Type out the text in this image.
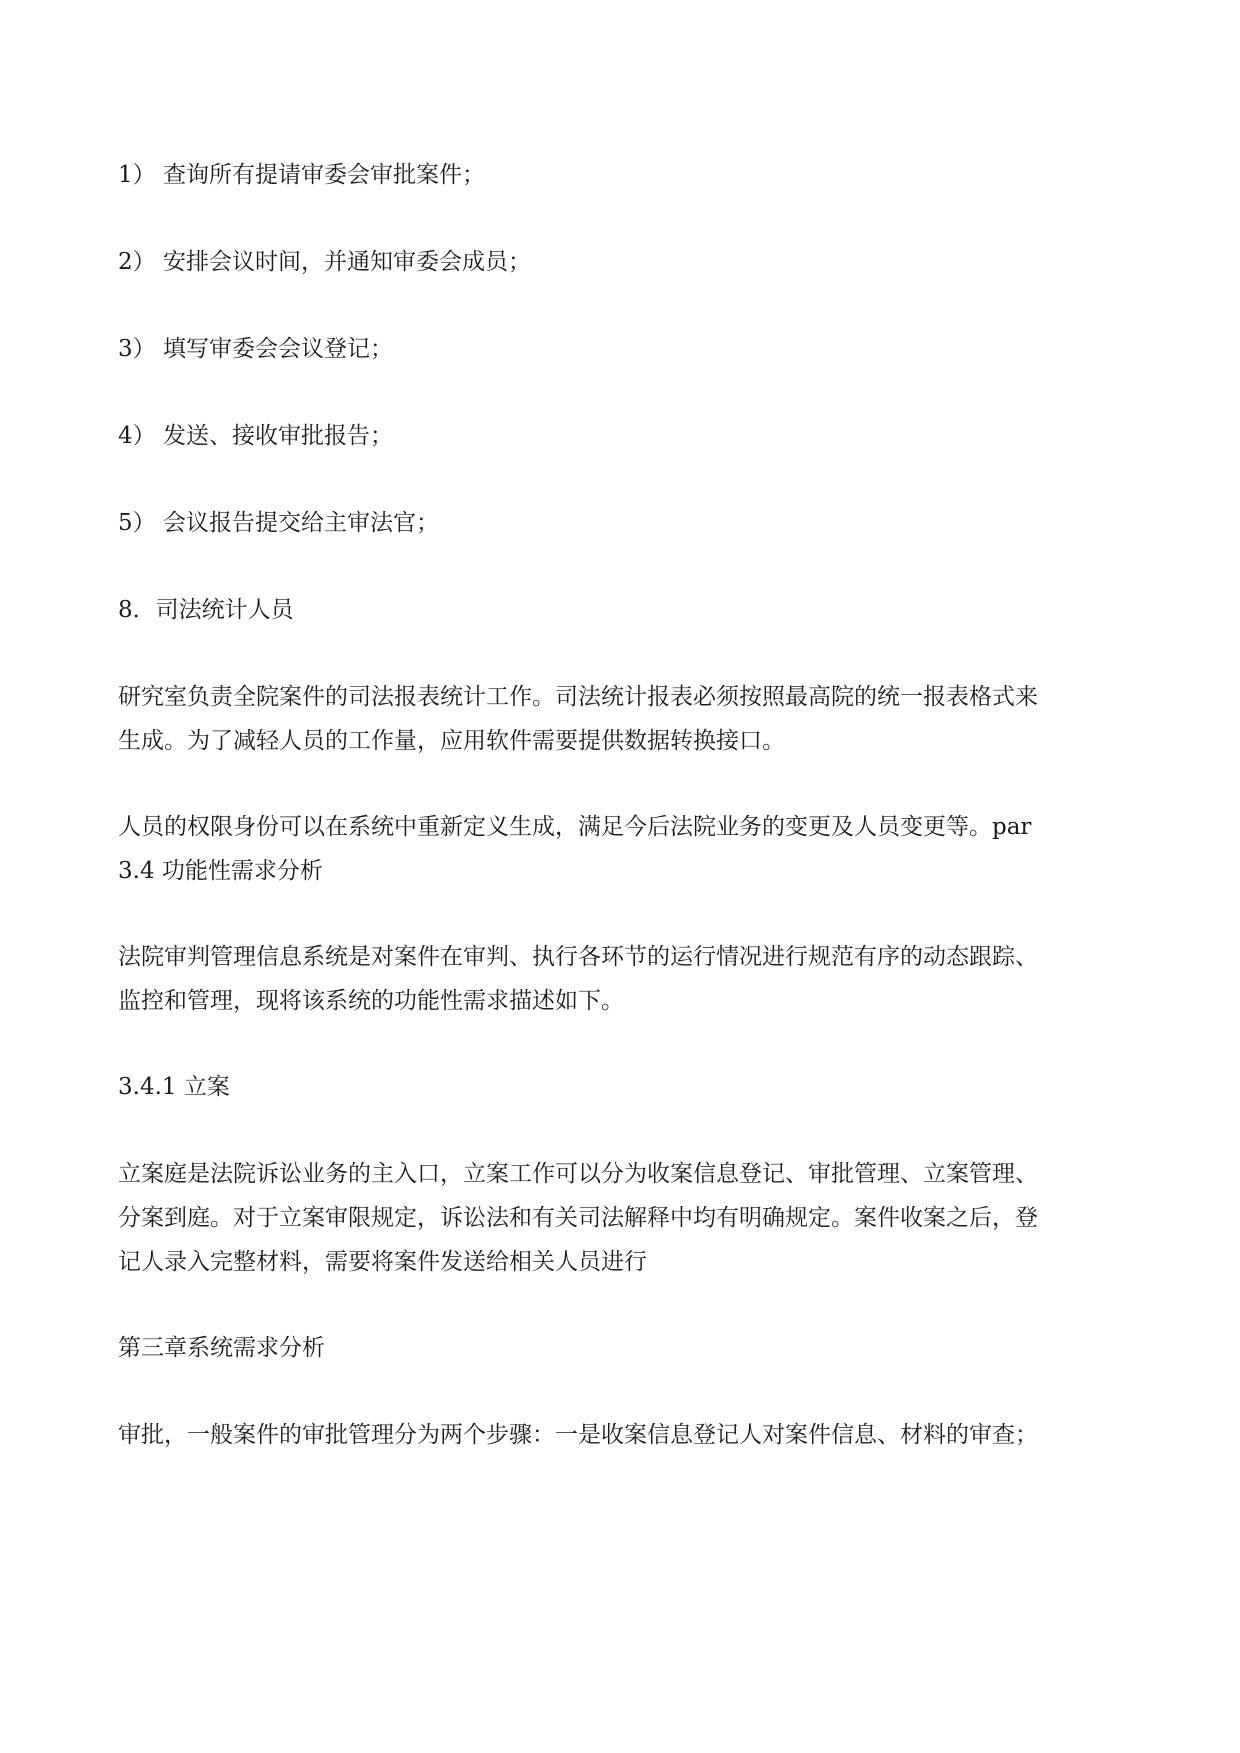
1） 查询所有提请审委会审批案件；

2） 安排会议时间，并通知审委会成员；

3） 填写审委会会议登记；

4） 发送、接收审批报告；

5） 会议报告提交给主审法官；

8．司法统计人员

研究室负责全院案件的司法报表统计工作。司法统计报表必须按照最高院的统一报表格式来
生成。为了减轻人员的工作量，应用软件需要提供数据转换接口。

人员的权限身份可以在系统中重新定义生成，满足今后法院业务的变更及人员变更等。par
3.4 功能性需求分析

法院审判管理信息系统是对案件在审判、执行各环节的运行情况进行规范有序的动态跟踪、
监控和管理，现将该系统的功能性需求描述如下。

3.4.1 立案

立案庭是法院诉讼业务的主入口，立案工作可以分为收案信息登记、审批管理、立案管理、
分案到庭。对于立案审限规定，诉讼法和有关司法解释中均有明确规定。案件收案之后，登
记人录入完整材料，需要将案件发送给相关人员进行

第三章系统需求分析

审批，一般案件的审批管理分为两个步骤：一是收案信息登记人对案件信息、材料的审查；
